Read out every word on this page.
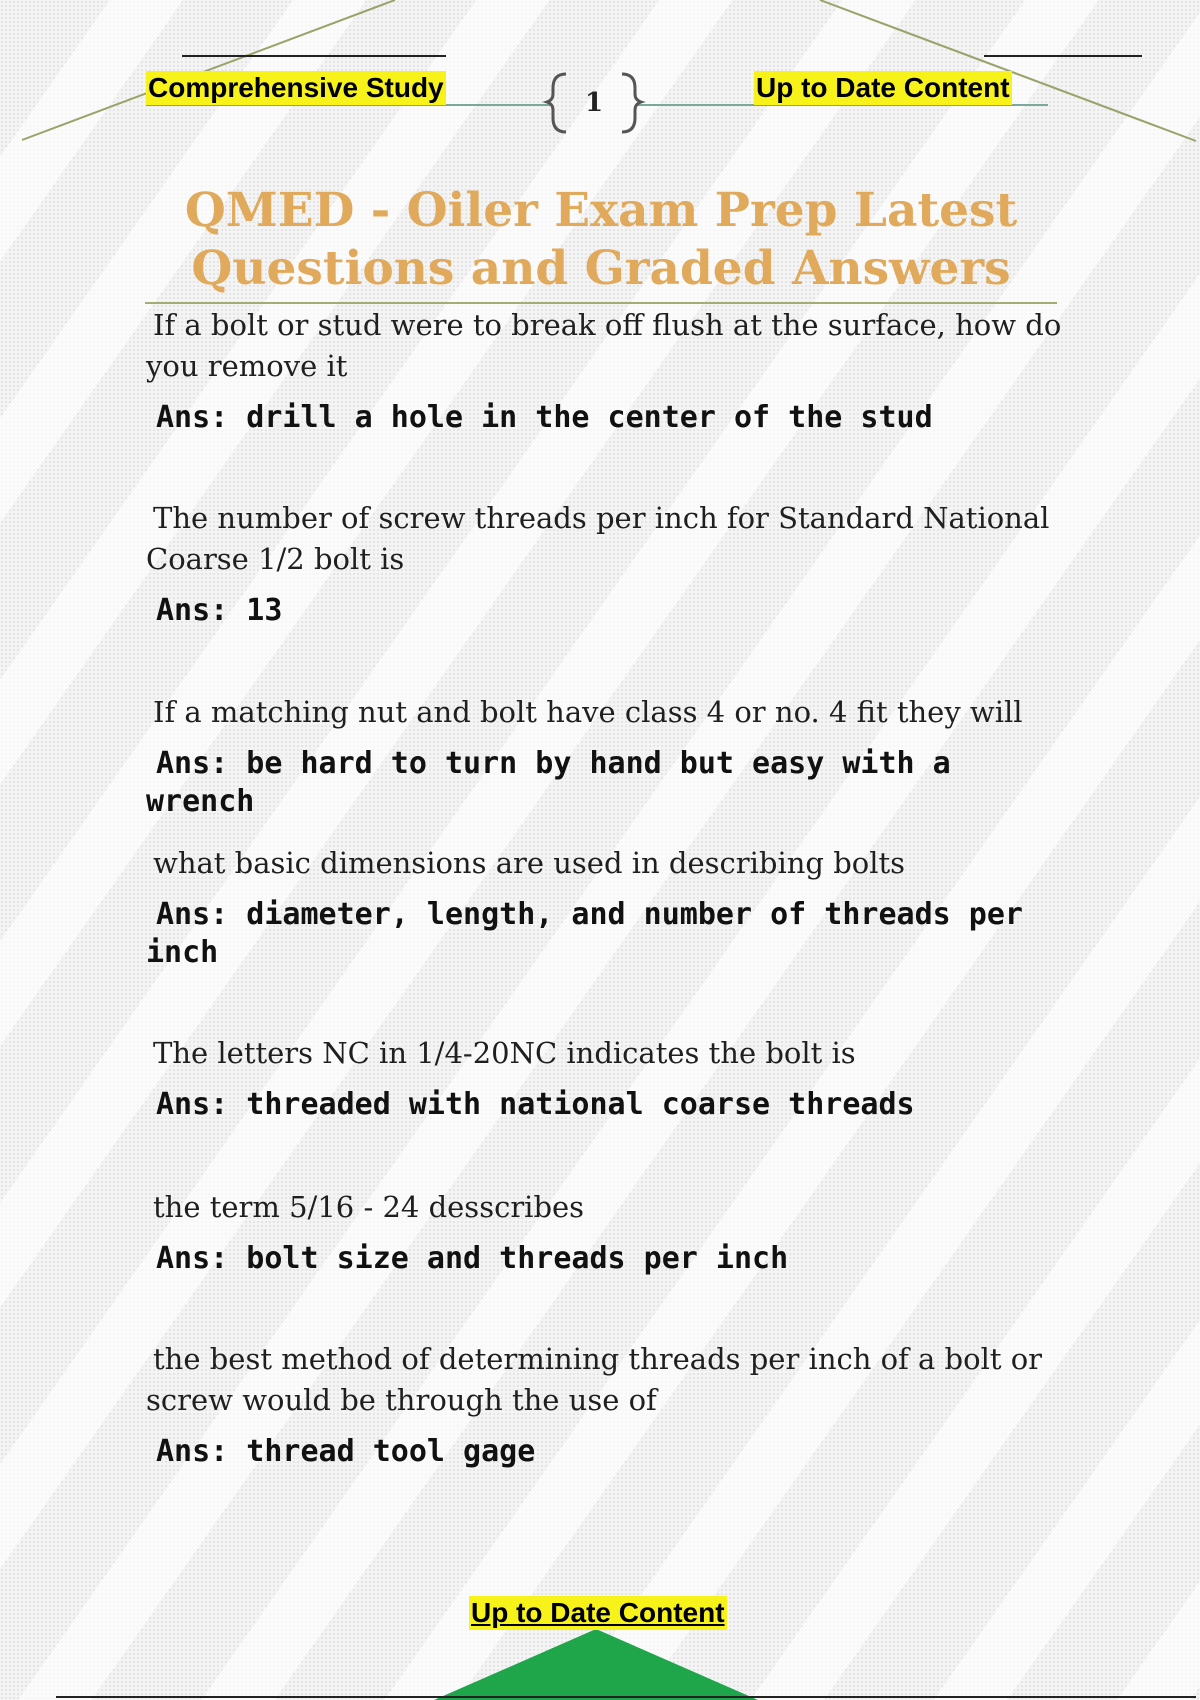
Comprehensive Study	1	Up to Date Content
QMED - Oiler Exam Prep Latest
Questions and Graded Answers

If a bolt or stud were to break off flush at the surface, how do you remove it

Ans: drill a hole in the center of the stud

The number of screw threads per inch for Standard National Coarse 1/2 bolt is

Ans: 13

If a matching nut and bolt have class 4 or no. 4 fit they will

Ans: be hard to turn by hand but easy with a wrench

what basic dimensions are used in describing bolts

Ans: diameter, length, and number of threads per inch

The letters NC in 1/4-20NC indicates the bolt is

Ans: threaded with national coarse threads

the term 5/16 - 24 desscribes

Ans: bolt size and threads per inch

the best method of determining threads per inch of a bolt or screw would be through the use of

Ans: thread tool gage

Up to Date Content
